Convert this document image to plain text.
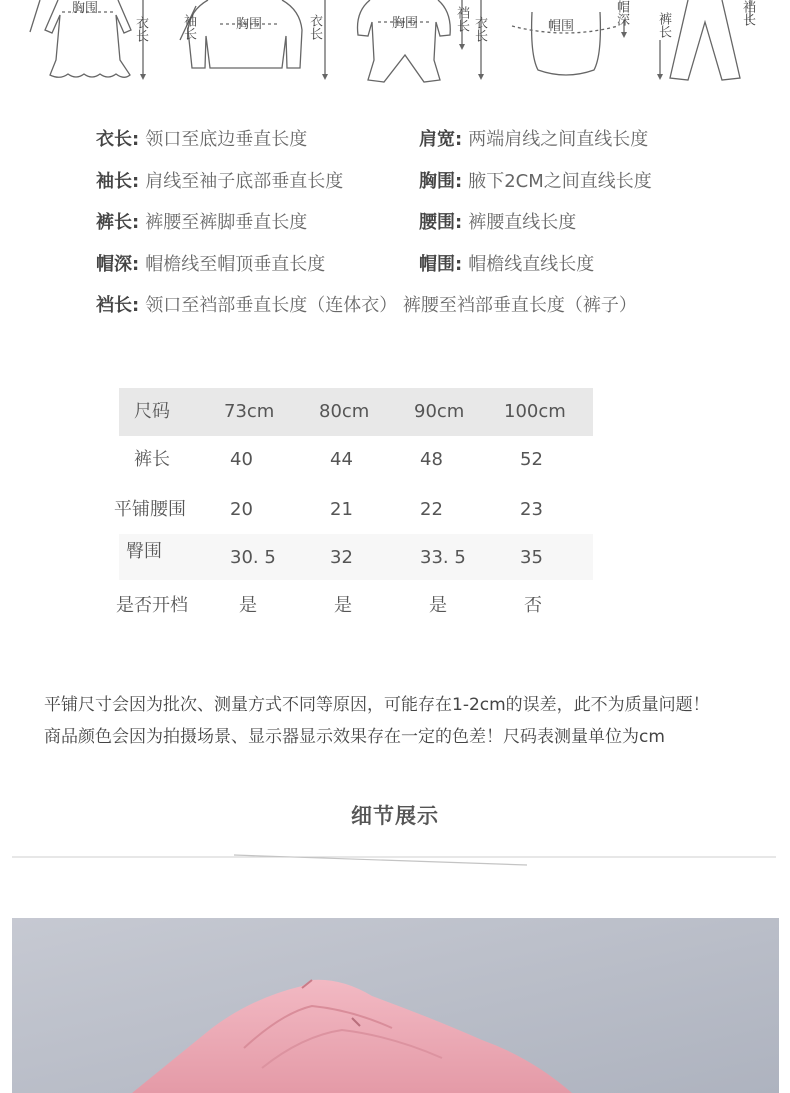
胸围
衣长	胸围	衣长
袖长	胸围	裆长 衣长	帽围
帽深 裤长	裆长
衣长: 领口至底边垂直长度
袖长: 肩线至袖子底部垂直长度
裤长: 裤腰至裤脚垂直长度
帽深: 帽檐线至帽顶垂直长度
裆长: 领口至裆部垂直长度（连体衣） 裤腰至裆部垂直长度（裤子）
肩宽: 两端肩线之间直线长度
胸围: 腋下2CM之间直线长度
腰围: 裤腰直线长度
帽围: 帽檐线直线长度
尺码	73cm 80cm 90cm 100cm
裤长	40	44	48	52
平铺腰围 20	21	22	23
臀围	30. 5	32	33. 5	35
是否开档	是	是	是	否
平铺尺寸会因为批次、测量方式不同等原因，可能存在1-2cm的误差，此不为质量问题！
商品颜色会因为拍摄场景、显示器显示效果存在一定的色差！尺码表测量单位为cm
细节展示
